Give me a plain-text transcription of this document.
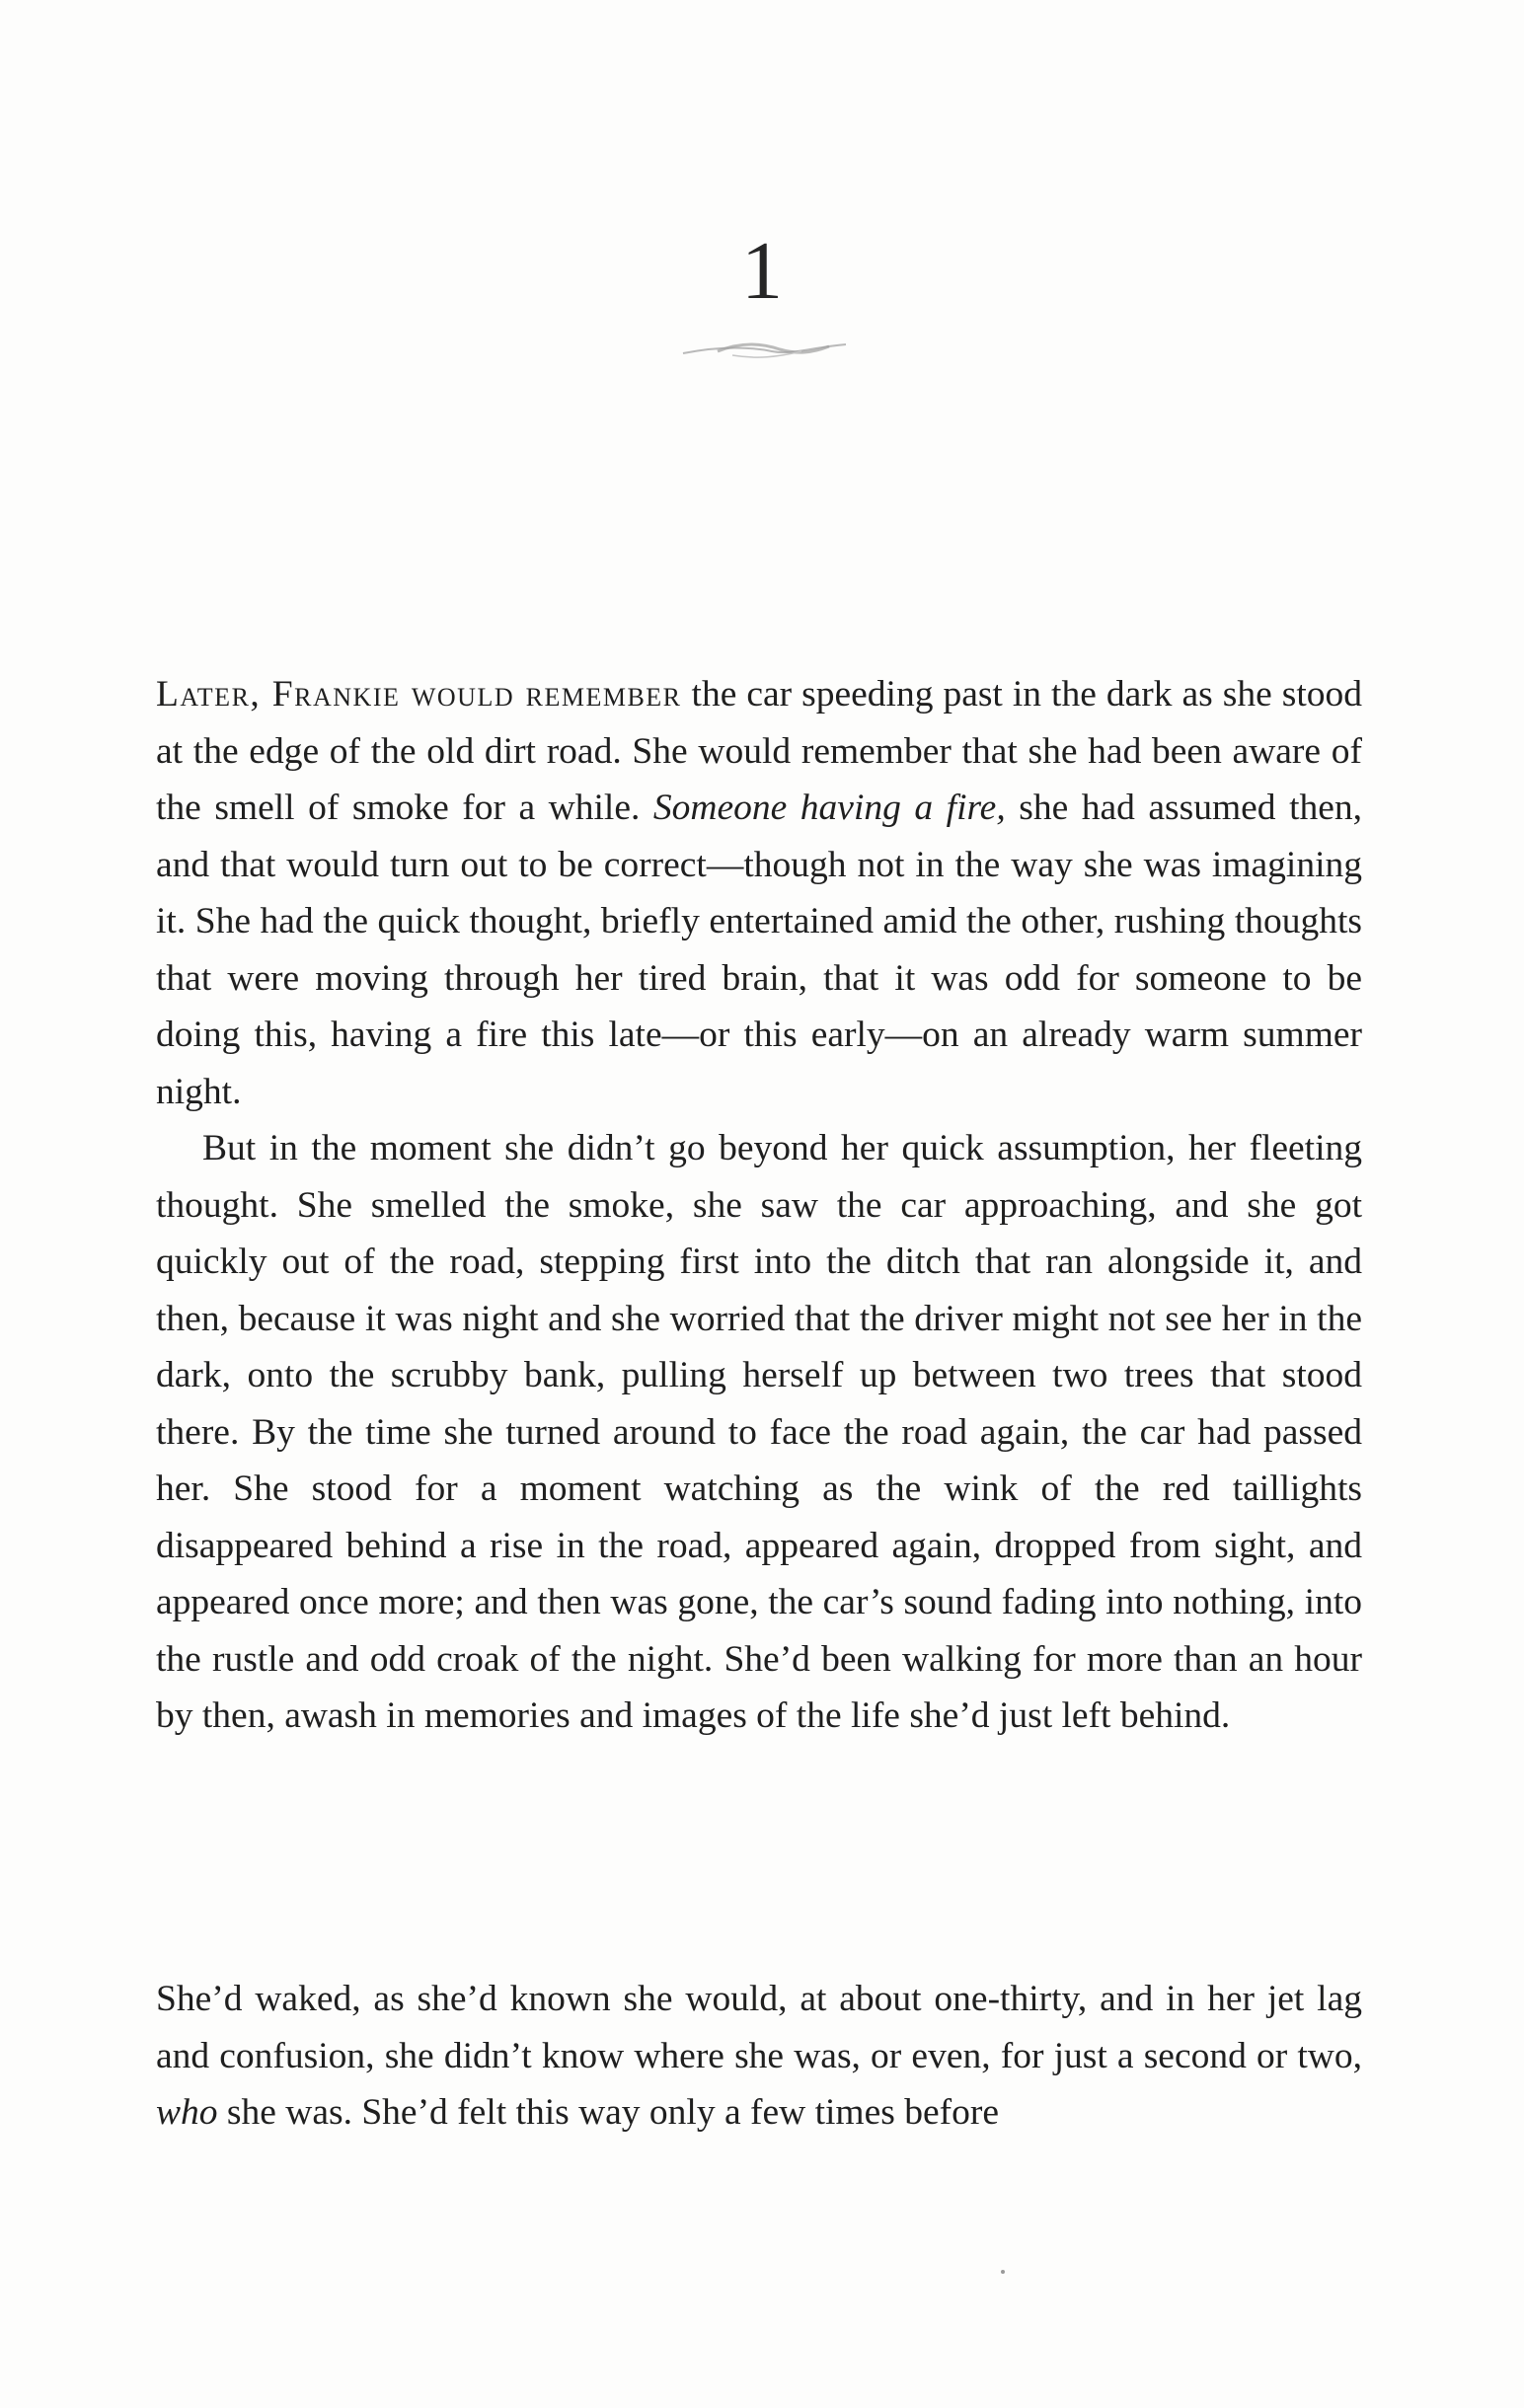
1

Later, Frankie would remember the car speeding past in the dark as she stood at the edge of the old dirt road. She would remember that she had been aware of the smell of smoke for a while. Someone having a fire, she had assumed then, and that would turn out to be correct—though not in the way she was imagining it. She had the quick thought, briefly entertained amid the other, rushing thoughts that were moving through her tired brain, that it was odd for someone to be doing this, having a fire this late—or this early—on an already warm summer night.

But in the moment she didn’t go beyond her quick assumption, her fleeting thought. She smelled the smoke, she saw the car approaching, and she got quickly out of the road, stepping first into the ditch that ran alongside it, and then, because it was night and she worried that the driver might not see her in the dark, onto the scrubby bank, pulling herself up between two trees that stood there. By the time she turned around to face the road again, the car had passed her. She stood for a moment watching as the wink of the red taillights disappeared behind a rise in the road, appeared again, dropped from sight, and appeared once more; and then was gone, the car’s sound fading into nothing, into the rustle and odd croak of the night. She’d been walking for more than an hour by then, awash in memories and images of the life she’d just left behind.

She’d waked, as she’d known she would, at about one-thirty, and in her jet lag and confusion, she didn’t know where she was, or even, for just a second or two, who she was. She’d felt this way only a few times before
